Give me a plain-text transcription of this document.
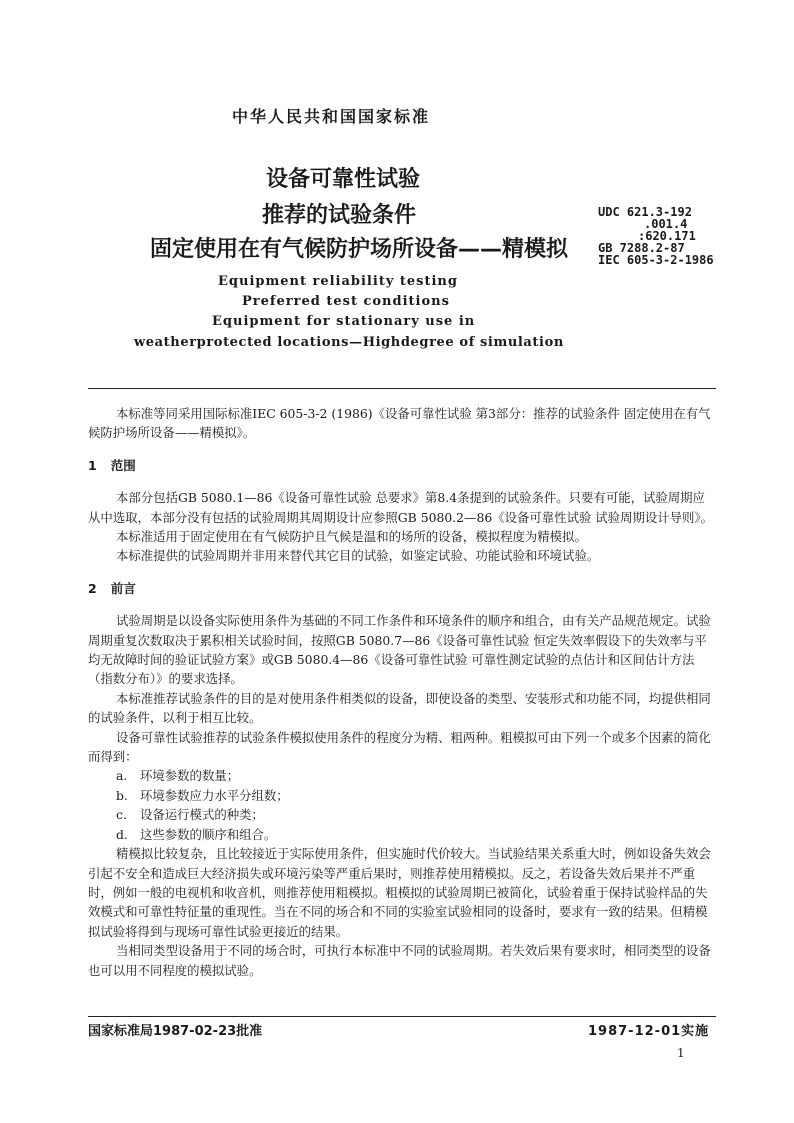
中华人民共和国国家标准
设备可靠性试验
推荐的试验条件
固定使用在有气候防护场所设备——精模拟
UDC 621.3-192
.001.4
:620.171
GB 7288.2-87
IEC 605-3-2-1986
Equipment reliability testing
Preferred test conditions
Equipment for stationary use in
weatherprotected locations—Highdegree of simulation

本标准等同采用国际标准IEC 605-3-2 (1986)《设备可靠性试验 第3部分：推荐的试验条件 固定使用在有气候防护场所设备——精模拟》。

1 范围

本部分包括GB 5080.1—86《设备可靠性试验 总要求》第8.4条提到的试验条件。只要有可能，试验周期应从中选取，本部分没有包括的试验周期其周期设计应参照GB 5080.2—86《设备可靠性试验 试验周期设计导则》。

本标准适用于固定使用在有气候防护且气候是温和的场所的设备，模拟程度为精模拟。

本标准提供的试验周期并非用来替代其它目的试验，如鉴定试验、功能试验和环境试验。

2 前言

试验周期是以设备实际使用条件为基础的不同工作条件和环境条件的顺序和组合，由有关产品规范规定。试验周期重复次数取决于累积相关试验时间，按照GB 5080.7—86《设备可靠性试验 恒定失效率假设下的失效率与平均无故障时间的验证试验方案》或GB 5080.4—86《设备可靠性试验 可靠性测定试验的点估计和区间估计方法（指数分布）》的要求选择。

本标准推荐试验条件的目的是对使用条件相类似的设备，即使设备的类型、安装形式和功能不同，均提供相同的试验条件，以利于相互比较。

设备可靠性试验推荐的试验条件模拟使用条件的程度分为精、粗两种。粗模拟可由下列一个或多个因素的简化而得到：

a. 环境参数的数量；

b. 环境参数应力水平分组数；

c. 设备运行模式的种类；

d. 这些参数的顺序和组合。

精模拟比较复杂，且比较接近于实际使用条件，但实施时代价较大。当试验结果关系重大时，例如设备失效会引起不安全和造成巨大经济损失或环境污染等严重后果时，则推荐使用精模拟。反之，若设备失效后果并不严重时，例如一般的电视机和收音机，则推荐使用粗模拟。粗模拟的试验周期已被简化，试验着重于保持试验样品的失效模式和可靠性特征量的重现性。当在不同的场合和不同的实验室试验相同的设备时，要求有一致的结果。但精模拟试验将得到与现场可靠性试验更接近的结果。

当相同类型设备用于不同的场合时，可执行本标准中不同的试验周期。若失效后果有要求时，相同类型的设备也可以用不同程度的模拟试验。

国家标准局1987-02-23批准	1987-12-01实施
1
